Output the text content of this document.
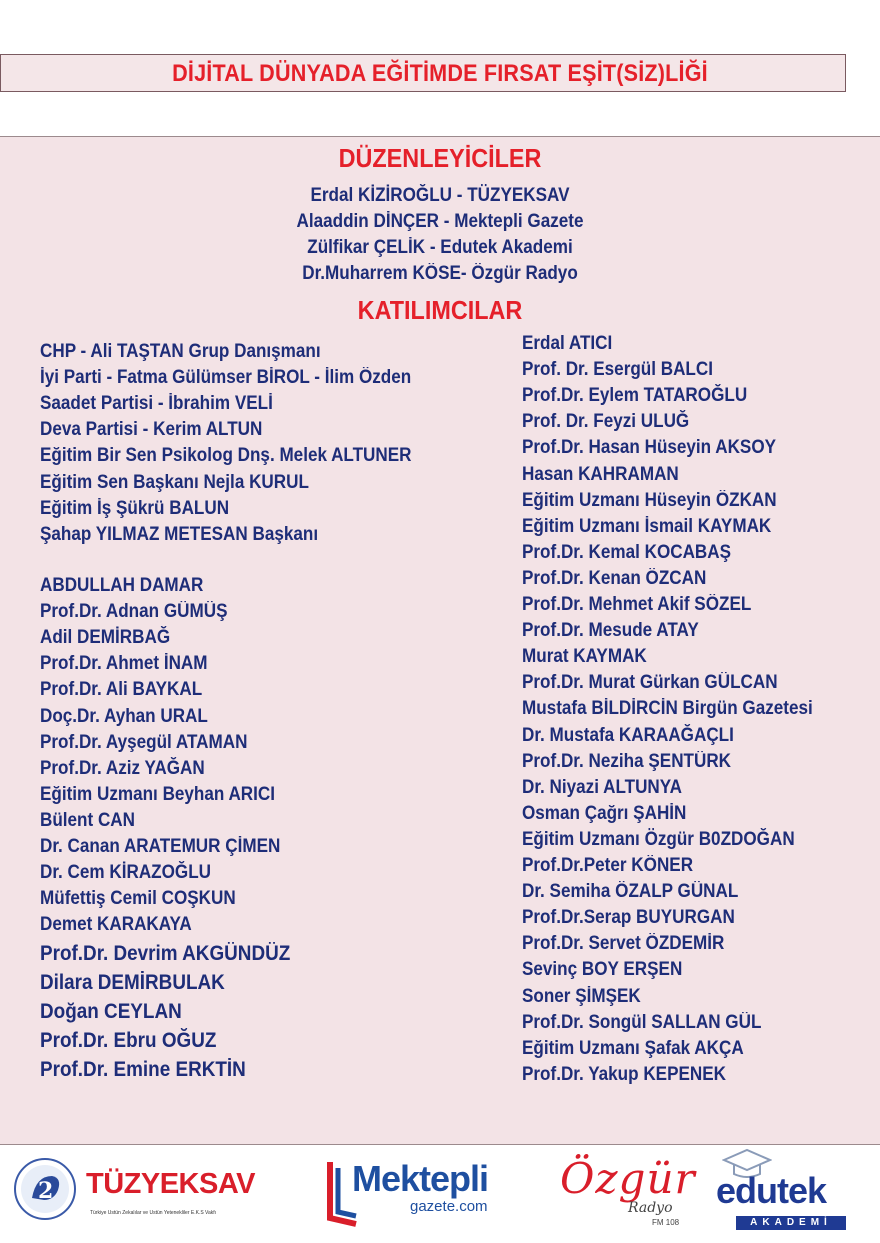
DİJİTAL DÜNYADA EĞİTİMDE FIRSAT EŞİT(SİZ)LİĞİ
DÜZENLEYİCİLER
Erdal KİZİROĞLU - TÜZYEKSAV
Alaaddin DİNÇER - Mektepli Gazete
Zülfikar ÇELİK - Edutek Akademi
Dr.Muharrem KÖSE- Özgür Radyo
KATILIMCILAR
CHP - Ali TAŞTAN Grup Danışmanı
İyi Parti - Fatma Gülümser BİROL - İlim Özden
Saadet Partisi - İbrahim VELİ
Deva Partisi - Kerim ALTUN
Eğitim Bir Sen Psikolog Dnş. Melek ALTUNER
Eğitim Sen Başkanı Nejla KURUL
Eğitim İş Şükrü BALUN
Şahap YILMAZ METESAN Başkanı
ABDULLAH DAMAR
Prof.Dr. Adnan GÜMÜŞ
Adil DEMİRBAĞ
Prof.Dr. Ahmet İNAM
Prof.Dr. Ali BAYKAL
Doç.Dr. Ayhan URAL
Prof.Dr. Ayşegül ATAMAN
Prof.Dr. Aziz YAĞAN
Eğitim Uzmanı Beyhan ARICI
Bülent CAN
Dr. Canan ARATEMUR ÇİMEN
Dr. Cem KİRAZOĞLU
Müfettiş Cemil COŞKUN
Demet KARAKAYA
Prof.Dr. Devrim AKGÜNDÜZ
Dilara DEMİRBULAK
Doğan CEYLAN
Prof.Dr. Ebru OĞUZ
Prof.Dr. Emine ERKTİN
Erdal ATICI
Prof. Dr. Esergül BALCI
Prof.Dr. Eylem TATAROĞLU
Prof. Dr. Feyzi ULUĞ
Prof.Dr. Hasan Hüseyin AKSOY
Hasan KAHRAMAN
Eğitim Uzmanı Hüseyin ÖZKAN
Eğitim Uzmanı İsmail KAYMAK
Prof.Dr. Kemal KOCABAŞ
Prof.Dr. Kenan ÖZCAN
Prof.Dr. Mehmet Akif SÖZEL
Prof.Dr. Mesude ATAY
Murat KAYMAK
Prof.Dr. Murat Gürkan GÜLCAN
Mustafa BİLDİRCİN Birgün Gazetesi
Dr. Mustafa KARAAĞAÇLI
Prof.Dr. Neziha ŞENTÜRK
Dr. Niyazi ALTUNYA
Osman Çağrı ŞAHİN
Eğitim Uzmanı Özgür B0ZDOĞAN
Prof.Dr.Peter KÖNER
Dr. Semiha ÖZALP GÜNAL
Prof.Dr.Serap BUYURGAN
Prof.Dr. Servet ÖZDEMİR
Sevinç BOY ERŞEN
Soner ŞİMŞEK
Prof.Dr. Songül SALLAN GÜL
Eğitim Uzmanı Şafak AKÇA
Prof.Dr. Yakup KEPENEK
2 TÜZYEKSAV
Türkiye Üstün Zekalılar ve Üstün Yetenekliler E.K.S Vakfı
Mektepli
gazete.com
Özgür
Radyo
FM 108
edutek
AKADEMİ
